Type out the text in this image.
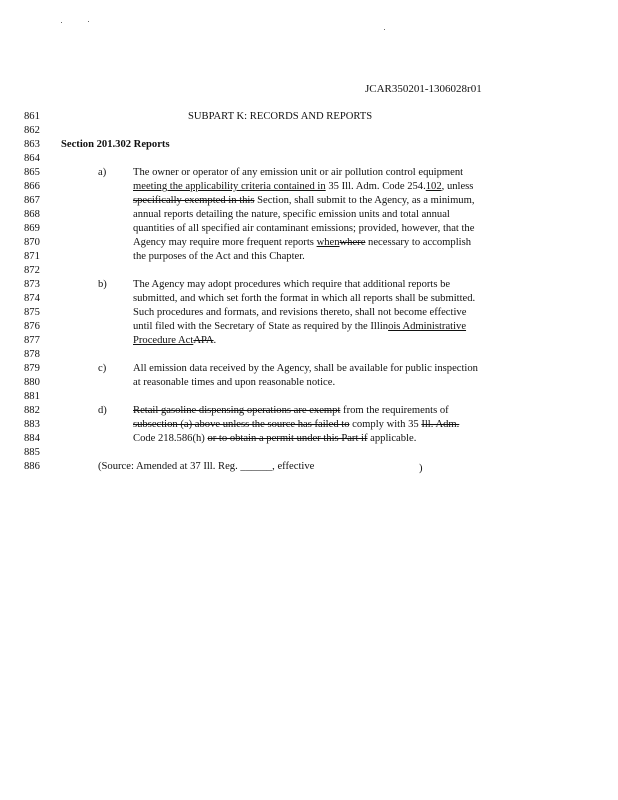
JCAR350201-1306028r01
861
862
863
864
865
866
867
868
869
870
871
872
873
874
875
876
877
878
879
880
881
882
883
884
885
886
SUBPART K: RECORDS AND REPORTS
Section 201.302 Reports
a)	The owner or operator of any emission unit or air pollution control equipment
meeting the applicability criteria contained in 35 Ill. Adm. Code 254.102, unless
specifically exempted in this Section, shall submit to the Agency, as a minimum,
annual reports detailing the nature, specific emission units and total annual
quantities of all specified air contaminant emissions; provided, however, that the
Agency may require more frequent reports whenwhere necessary to accomplish
the purposes of the Act and this Chapter.
b) The Agency may adopt procedures which require that additional reports be
submitted, and which set forth the format in which all reports shall be submitted.
Such procedures and formats, and revisions thereto, shall not become effective
until filed with the Secretary of State as required by the Illinois Administrative
Procedure ActAPA.
c)	All emission data received by the Agency, shall be available for public inspection
at reasonable times and upon reasonable notice.
d) Retail gasoline dispensing operations are exempt from the requirements of
subsection (a) above unless the source has failed to comply with 35 Ill. Adm.
Code 218.586(h) or to obtain a permit under this Part if applicable.
(Source: Amended at 37 Ill. Reg. ______, effective	)
